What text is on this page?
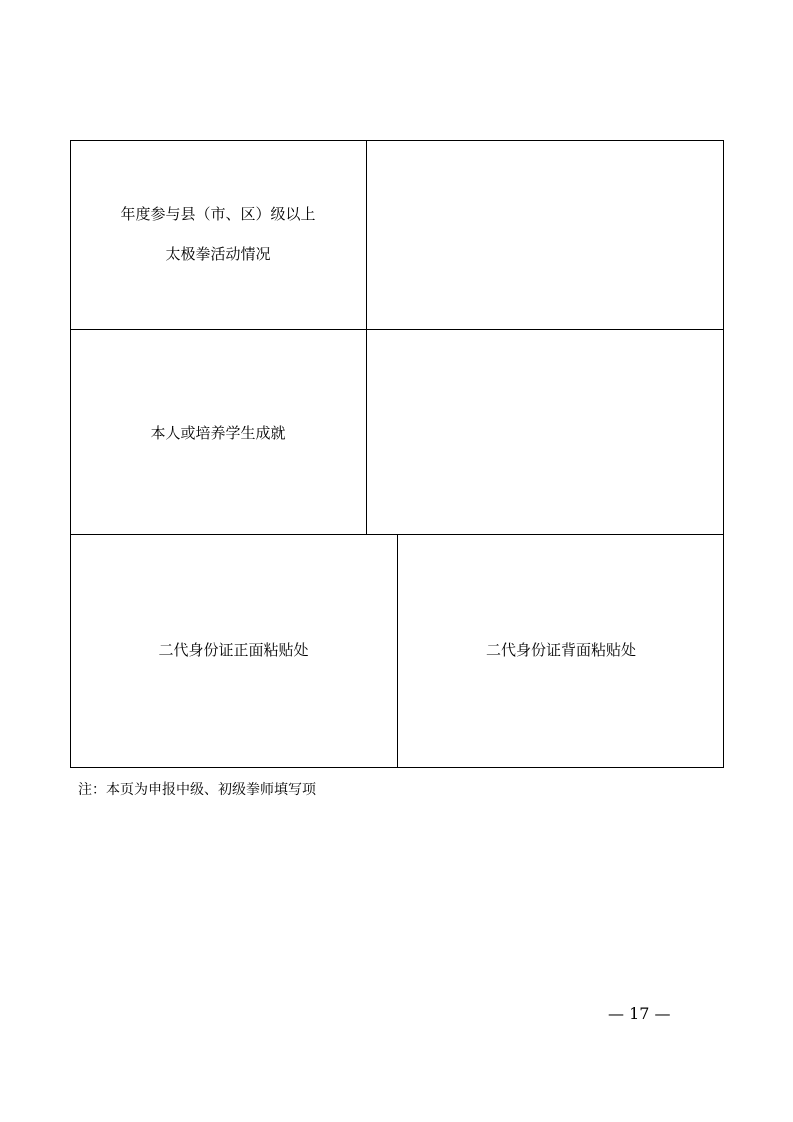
年度参与县（市、区）级以上
太极拳活动情况
本人或培养学生成就
二代身份证正面粘贴处	二代身份证背面粘贴处
注：本页为申报中级、初级拳师填写项
— 17 —
